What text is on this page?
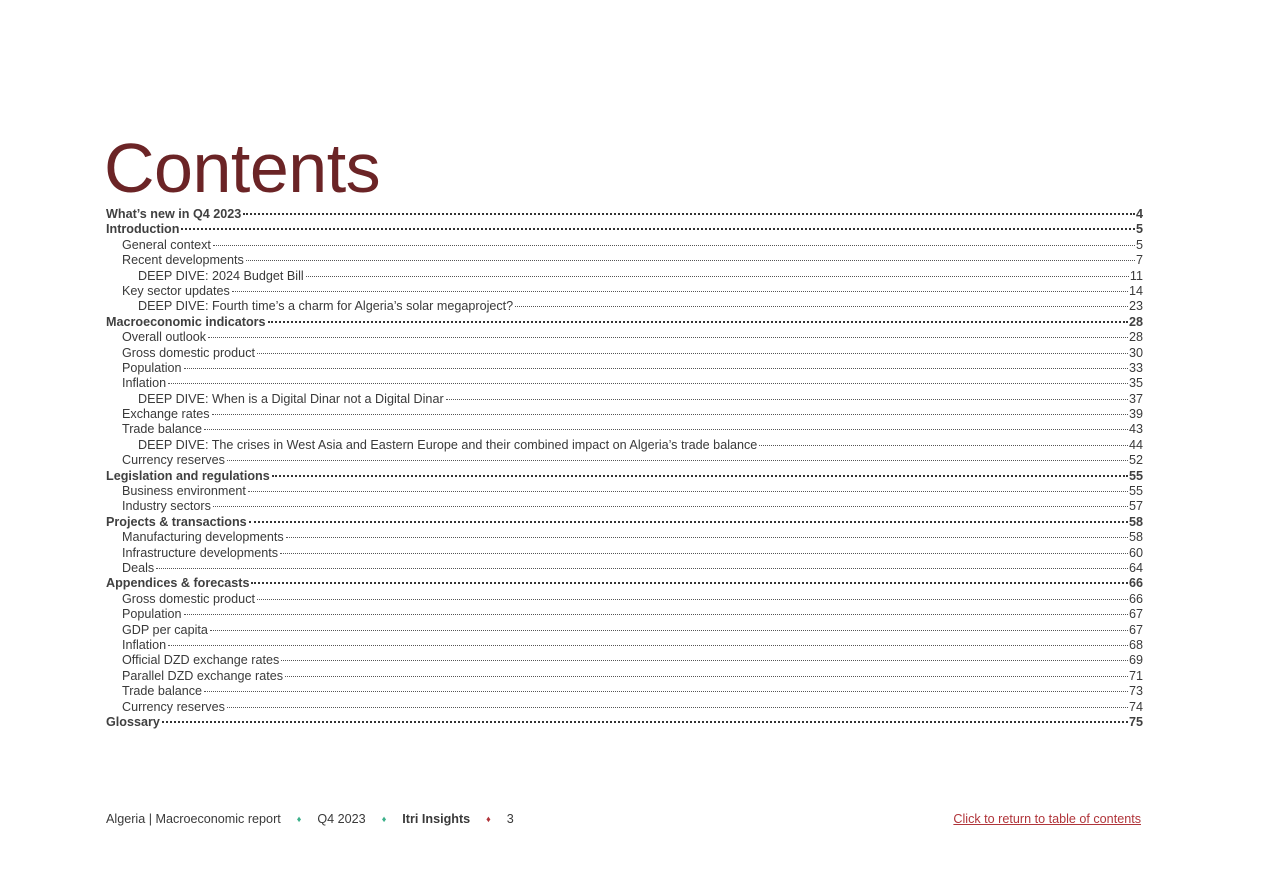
Contents
What’s new in Q4 2023	4
Introduction	5
General context	5
Recent developments	7
DEEP DIVE: 2024 Budget Bill	11
Key sector updates	14
DEEP DIVE: Fourth time’s a charm for Algeria’s solar megaproject?	23
Macroeconomic indicators	28
Overall outlook	28
Gross domestic product	30
Population	33
Inflation	35
DEEP DIVE: When is a Digital Dinar not a Digital Dinar	37
Exchange rates	39
Trade balance	43
DEEP DIVE: The crises in West Asia and Eastern Europe and their combined impact on Algeria’s trade balance	44
Currency reserves	52
Legislation and regulations	55
Business environment	55
Industry sectors	57
Projects & transactions	58
Manufacturing developments	58
Infrastructure developments	60
Deals	64
Appendices & forecasts	66
Gross domestic product	66
Population	67
GDP per capita	67
Inflation	68
Official DZD exchange rates	69
Parallel DZD exchange rates	71
Trade balance	73
Currency reserves	74
Glossary	75
Algeria | Macroeconomic report ♦ Q4 2023 ♦ Itri Insights ♦ 3	Click to return to table of contents
